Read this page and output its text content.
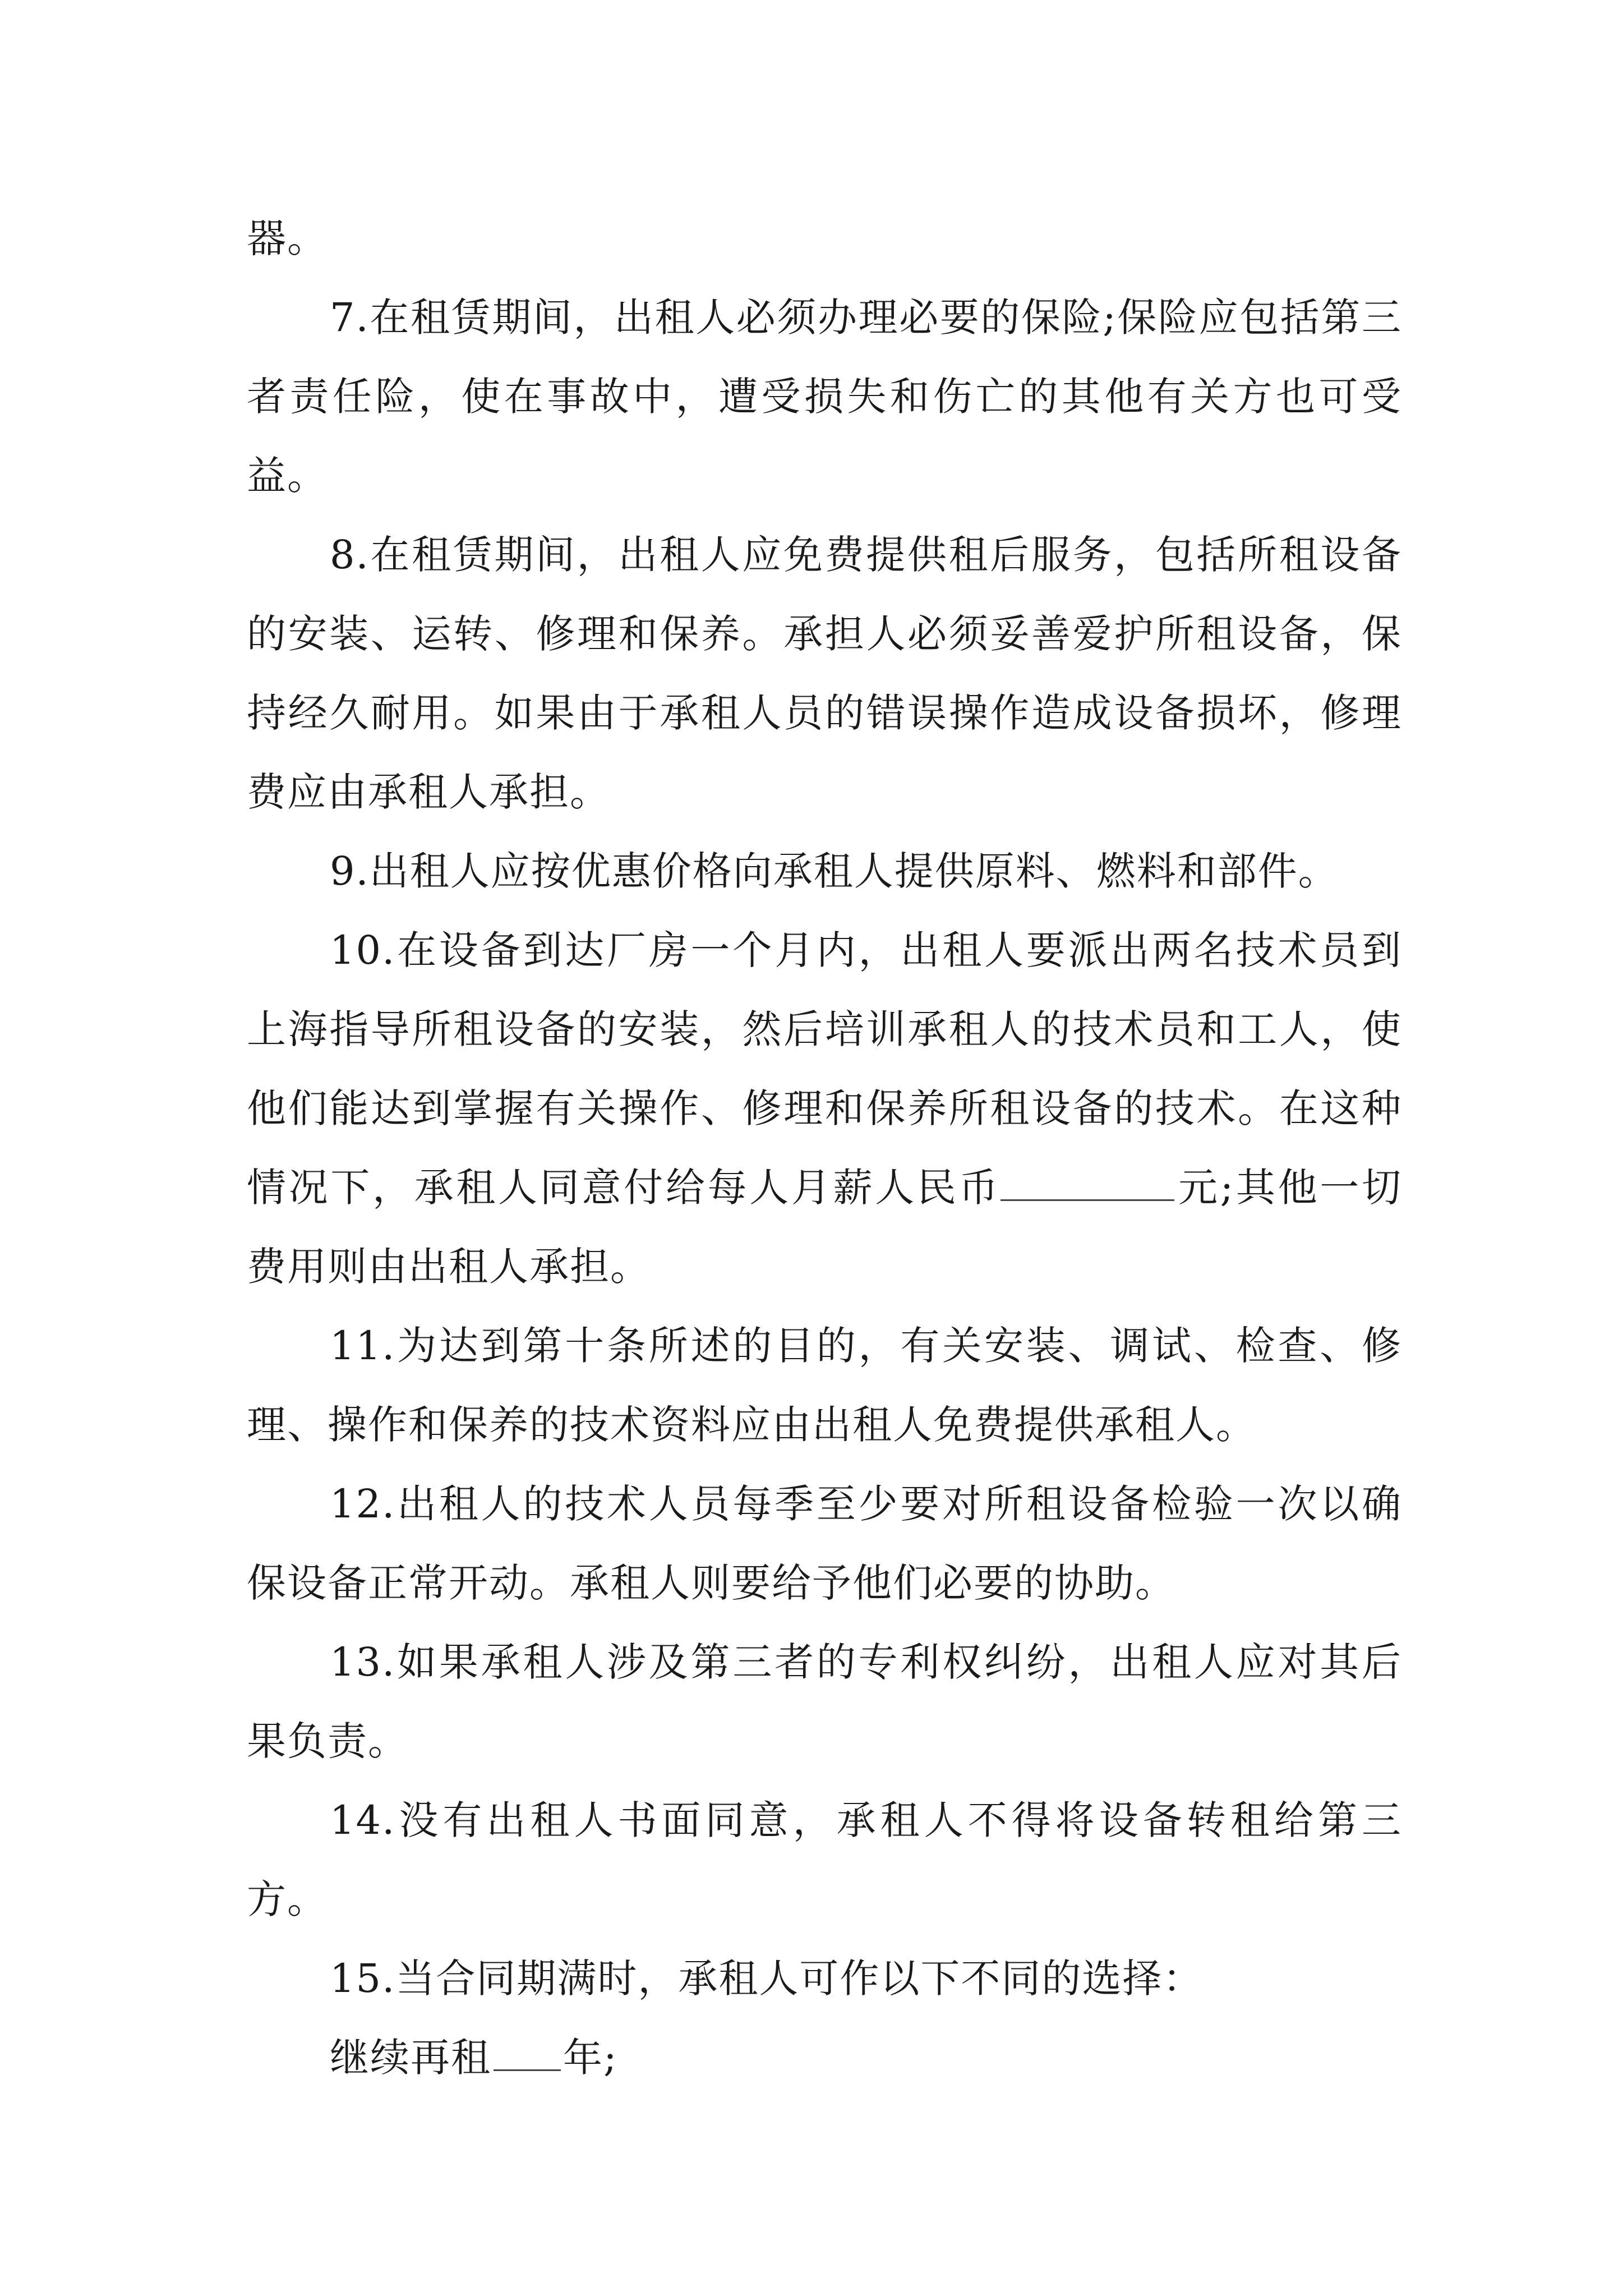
器。

7.在租赁期间，出租人必须办理必要的保险;保险应包括第三者责任险，使在事故中，遭受损失和伤亡的其他有关方也可受益。

8.在租赁期间，出租人应免费提供租后服务，包括所租设备的安装、运转、修理和保养。承担人必须妥善爱护所租设备，保持经久耐用。如果由于承租人员的错误操作造成设备损坏，修理费应由承租人承担。

9.出租人应按优惠价格向承租人提供原料、燃料和部件。

10.在设备到达厂房一个月内，出租人要派出两名技术员到上海指导所租设备的安装，然后培训承租人的技术员和工人，使他们能达到掌握有关操作、修理和保养所租设备的技术。在这种情况下，承租人同意付给每人月薪人民币	元;其他一切费用则由出租人承担。

11.为达到第十条所述的目的，有关安装、调试、检查、修理、操作和保养的技术资料应由出租人免费提供承租人。

12.出租人的技术人员每季至少要对所租设备检验一次以确保设备正常开动。承租人则要给予他们必要的协助。

13.如果承租人涉及第三者的专利权纠纷，出租人应对其后果负责。

14.没有出租人书面同意，承租人不得将设备转租给第三方。

15.当合同期满时，承租人可作以下不同的选择：

继续再租 年;
